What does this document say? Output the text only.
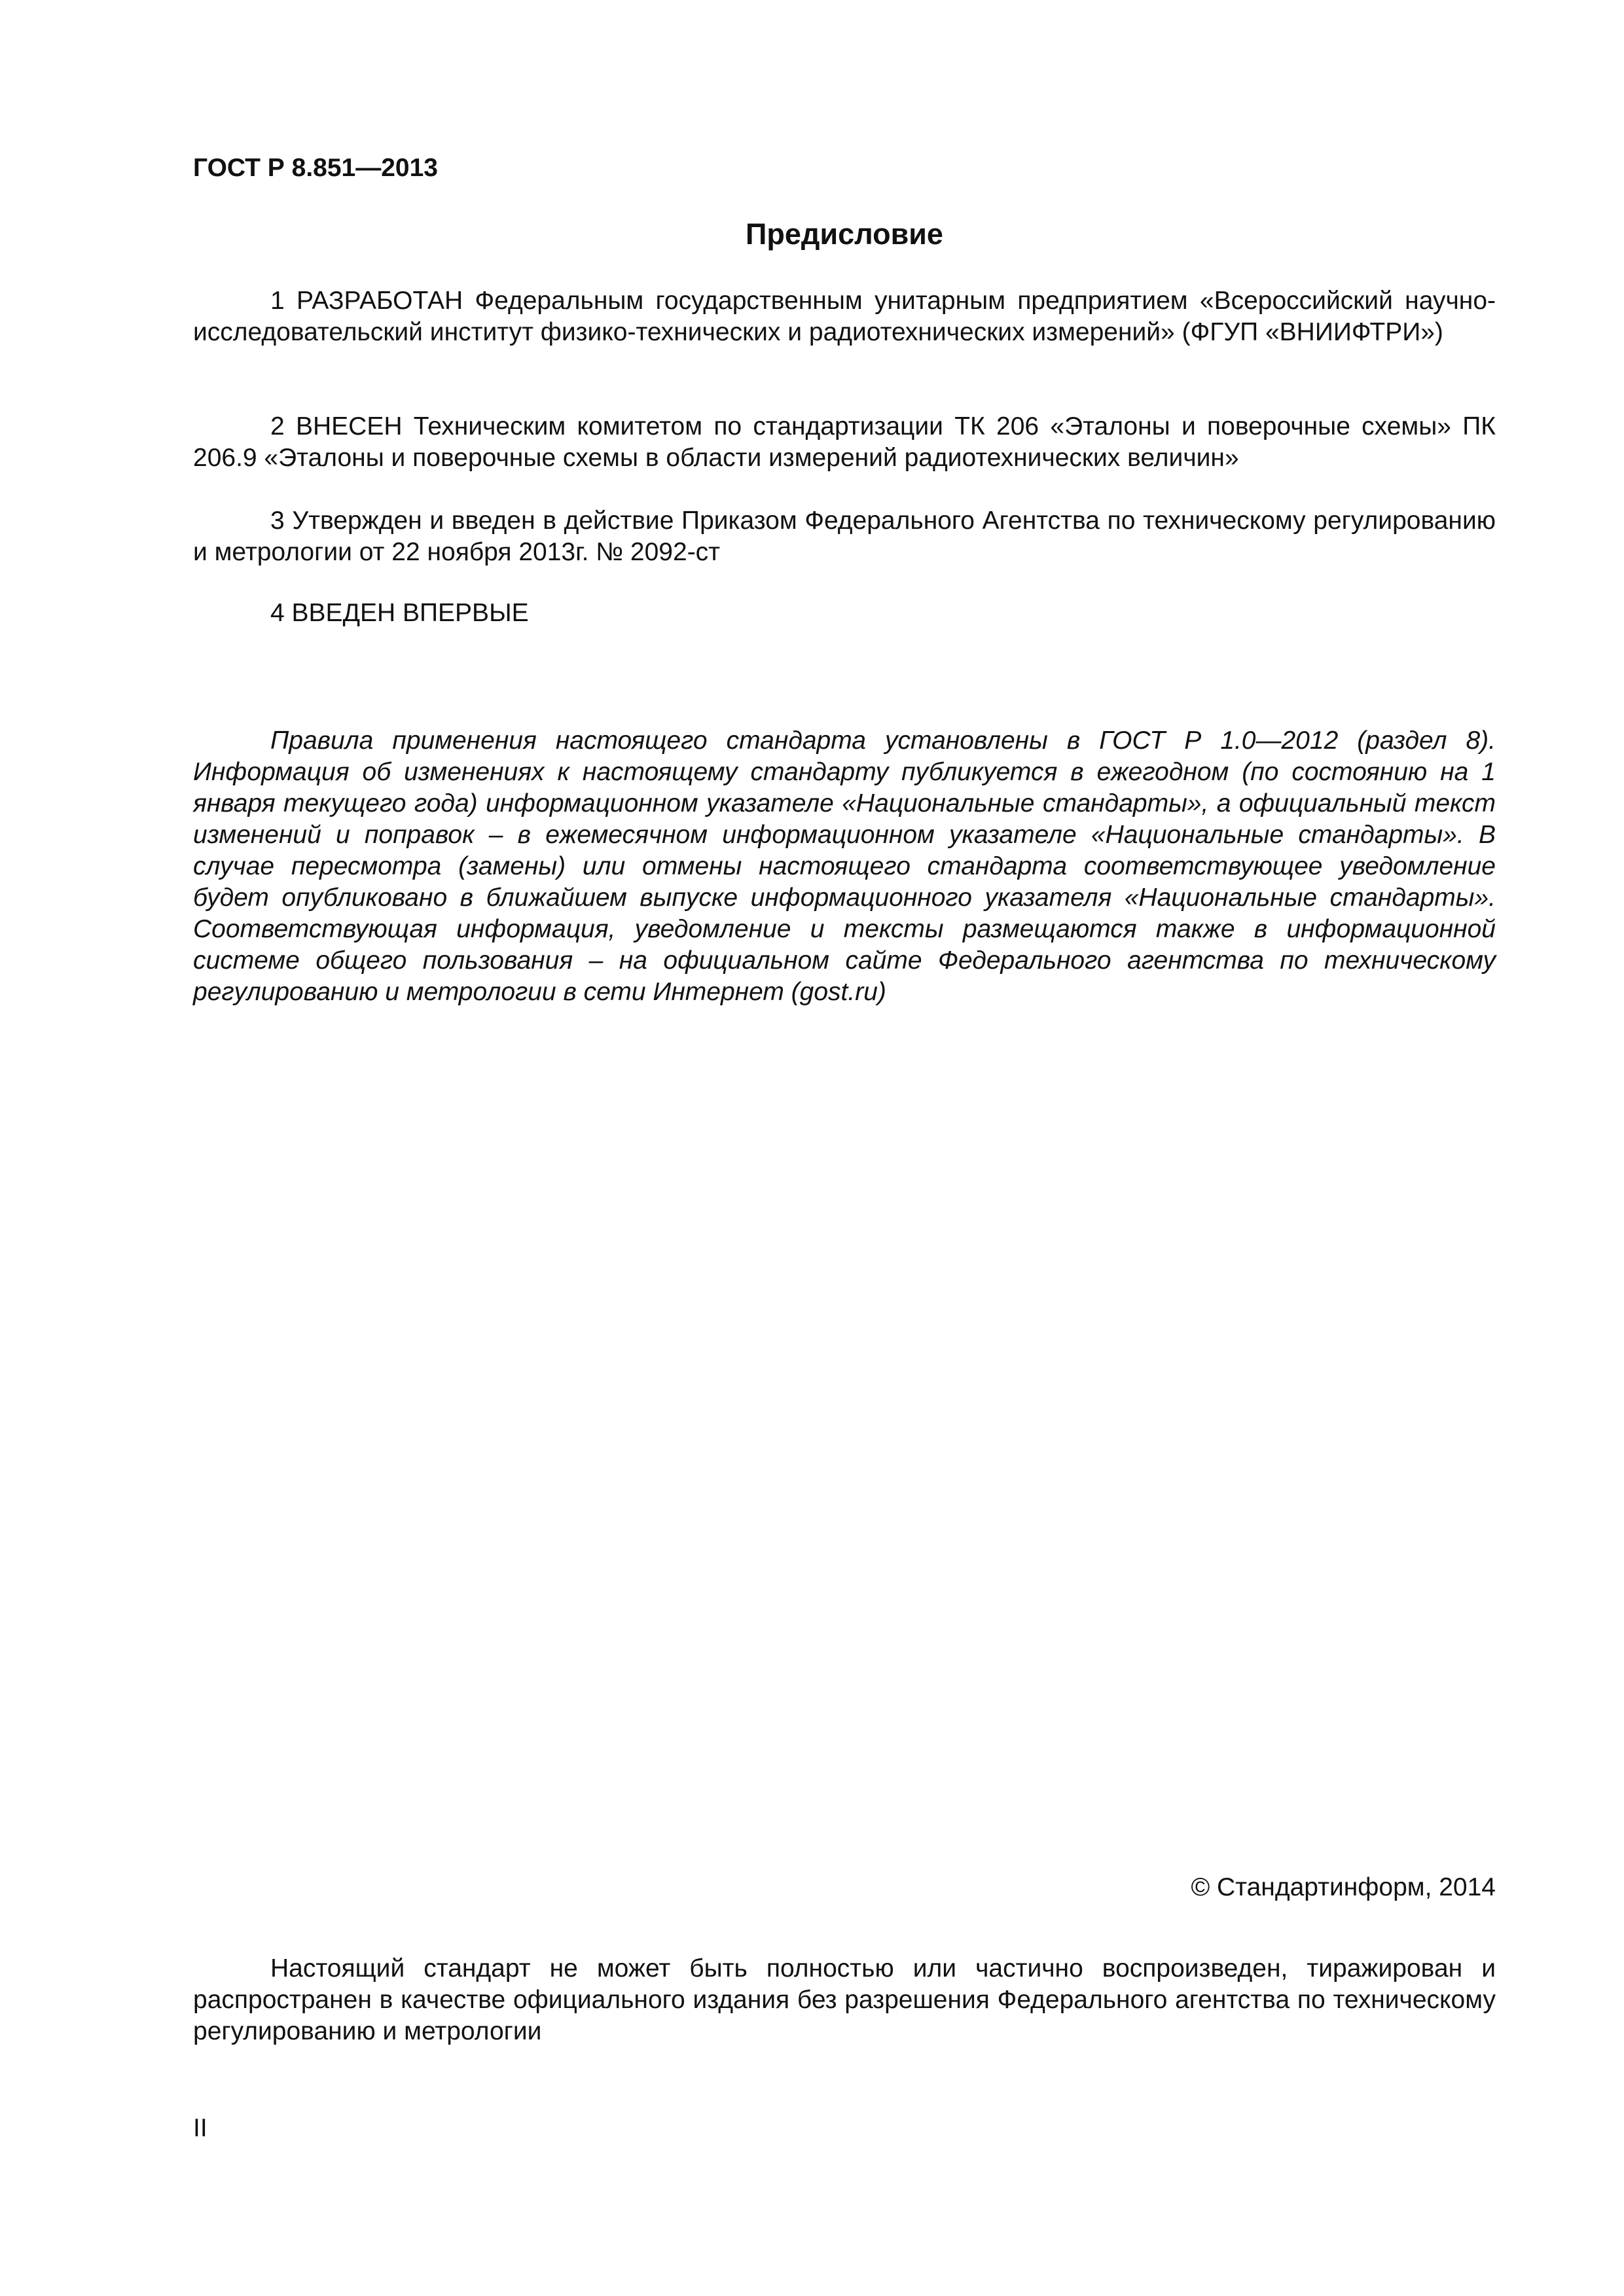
ГОСТ Р 8.851—2013

Предисловие

1 РАЗРАБОТАН Федеральным государственным унитарным предприятием «Всероссийский научно-исследовательский институт физико-технических и радиотехнических измерений» (ФГУП «ВНИИФТРИ»)

2 ВНЕСЕН Техническим комитетом по стандартизации ТК 206 «Эталоны и поверочные схемы» ПК 206.9 «Эталоны и поверочные схемы в области измерений радиотехнических величин»

3 Утвержден и введен в действие Приказом Федерального Агентства по техническому регулированию и метрологии от 22 ноября 2013г. № 2092-ст

4 ВВЕДЕН ВПЕРВЫЕ

Правила применения настоящего стандарта установлены в ГОСТ Р 1.0—2012 (раздел 8). Информация об изменениях к настоящему стандарту публикуется в ежегодном (по состоянию на 1 января текущего года) информационном указателе «Национальные стандарты», а официальный текст изменений и поправок – в ежемесячном информационном указателе «Национальные стандарты». В случае пересмотра (замены) или отмены настоящего стандарта соответствующее уведомление будет опубликовано в ближайшем выпуске информационного указателя «Национальные стандарты». Соответствующая информация, уведомление и тексты размещаются также в информационной системе общего пользования – на официальном сайте Федерального агентства по техническому регулированию и метрологии в сети Интернет (gost.ru)

© Стандартинформ, 2014

Настоящий стандарт не может быть полностью или частично воспроизведен, тиражирован и распространен в качестве официального издания без разрешения Федерального агентства по техническому регулированию и метрологии

II
